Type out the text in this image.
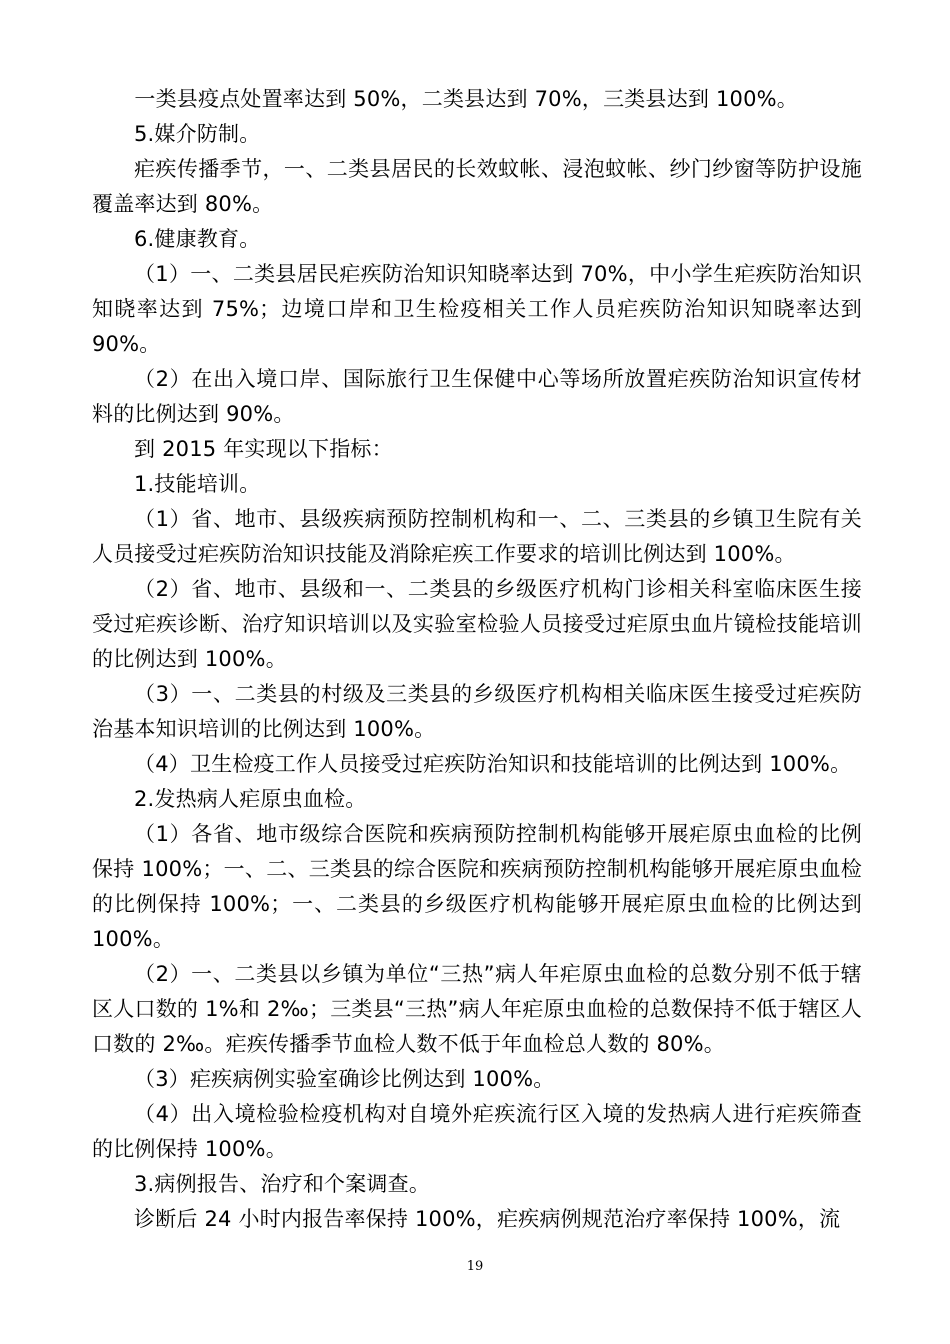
　　一类县疫点处置率达到 50%，二类县达到 70%，三类县达到 100%。

5.媒介防制。

疟疾传播季节，一、二类县居民的长效蚊帐、浸泡蚊帐、纱门纱窗等防护设施覆盖率达到 80%。

6.健康教育。

（1）一、二类县居民疟疾防治知识知晓率达到 70%，中小学生疟疾防治知识知晓率达到 75%；边境口岸和卫生检疫相关工作人员疟疾防治知识知晓率达到 90%。

（2）在出入境口岸、国际旅行卫生保健中心等场所放置疟疾防治知识宣传材料的比例达到 90%。

到 2015 年实现以下指标：

1.技能培训。

（1）省、地市、县级疾病预防控制机构和一、二、三类县的乡镇卫生院有关人员接受过疟疾防治知识技能及消除疟疾工作要求的培训比例达到 100%。

（2）省、地市、县级和一、二类县的乡级医疗机构门诊相关科室临床医生接受过疟疾诊断、治疗知识培训以及实验室检验人员接受过疟原虫血片镜检技能培训的比例达到 100%。

（3）一、二类县的村级及三类县的乡级医疗机构相关临床医生接受过疟疾防治基本知识培训的比例达到 100%。

（4）卫生检疫工作人员接受过疟疾防治知识和技能培训的比例达到 100%。

2.发热病人疟原虫血检。

（1）各省、地市级综合医院和疾病预防控制机构能够开展疟原虫血检的比例保持 100%；一、二、三类县的综合医院和疾病预防控制机构能够开展疟原虫血检的比例保持 100%；一、二类县的乡级医疗机构能够开展疟原虫血检的比例达到 100%。

（2）一、二类县以乡镇为单位“三热”病人年疟原虫血检的总数分别不低于辖区人口数的 1%和 2‰；三类县“三热”病人年疟原虫血检的总数保持不低于辖区人口数的 2‰。疟疾传播季节血检人数不低于年血检总人数的 80%。

（3）疟疾病例实验室确诊比例达到 100%。

（4）出入境检验检疫机构对自境外疟疾流行区入境的发热病人进行疟疾筛查的比例保持 100%。

3.病例报告、治疗和个案调查。

诊断后 24 小时内报告率保持 100%，疟疾病例规范治疗率保持 100%，流

19
